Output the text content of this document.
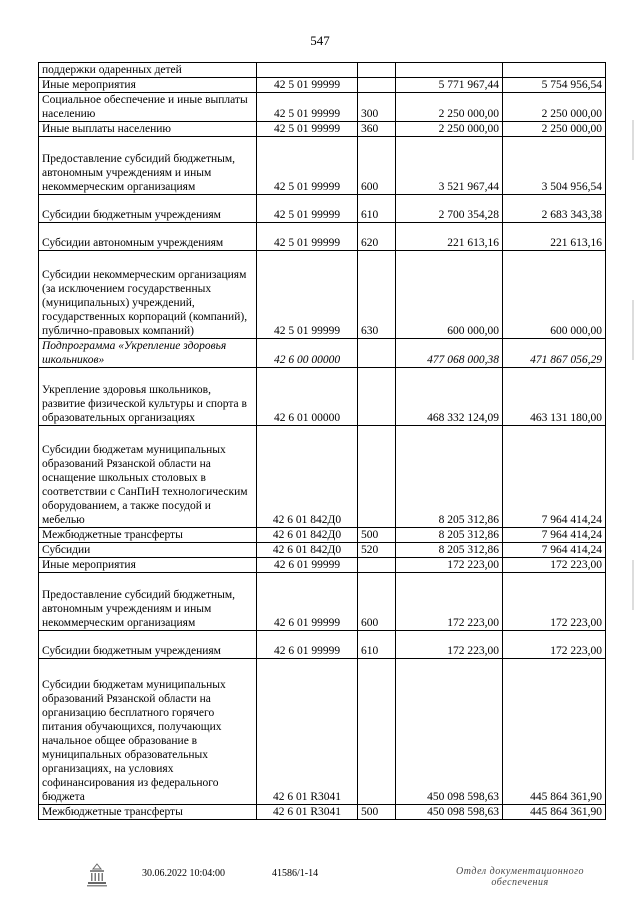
547
поддержки одаренных детей				
Иные мероприятия	42 5 01 99999		5 771 967,44	5 754 956,54
Социальное обеспечение и иные выплаты населению	42 5 01 99999	300	2 250 000,00	2 250 000,00
Иные выплаты населению	42 5 01 99999	360	2 250 000,00	2 250 000,00
Предоставление субсидий бюджетным, автономным учреждениям и иным некоммерческим организациям	42 5 01 99999	600	3 521 967,44	3 504 956,54
Субсидии бюджетным учреждениям	42 5 01 99999	610	2 700 354,28	2 683 343,38
Субсидии автономным учреждениям	42 5 01 99999	620	221 613,16	221 613,16
Субсидии некоммерческим организациям (за исключением государственных (муниципальных) учреждений, государственных корпораций (компаний), публично-правовых компаний)	42 5 01 99999	630	600 000,00	600 000,00
Подпрограмма «Укрепление здоровья школьников»	42 6 00 00000		477 068 000,38	471 867 056,29
Укрепление здоровья школьников, развитие физической культуры и спорта в образовательных организациях	42 6 01 00000		468 332 124,09	463 131 180,00
Субсидии бюджетам муниципальных образований Рязанской области на оснащение школьных столовых в соответствии с СанПиН технологическим оборудованием, а также посудой и мебелью	42 6 01 842Д0		8 205 312,86	7 964 414,24
Межбюджетные трансферты	42 6 01 842Д0	500	8 205 312,86	7 964 414,24
Субсидии	42 6 01 842Д0	520	8 205 312,86	7 964 414,24
Иные мероприятия	42 6 01 99999		172 223,00	172 223,00
Предоставление субсидий бюджетным, автономным учреждениям и иным некоммерческим организациям	42 6 01 99999	600	172 223,00	172 223,00
Субсидии бюджетным учреждениям	42 6 01 99999	610	172 223,00	172 223,00
Субсидии бюджетам муниципальных образований Рязанской области на организацию бесплатного горячего питания обучающихся, получающих начальное общее образование в муниципальных образовательных организациях, на условиях софинансирования из федерального бюджета	42 6 01 R3041		450 098 598,63	445 864 361,90
Межбюджетные трансферты	42 6 01 R3041	500	450 098 598,63	445 864 361,90
30.06.2022 10:04:00	41586/1-14	Отдел документационного обеспечения
